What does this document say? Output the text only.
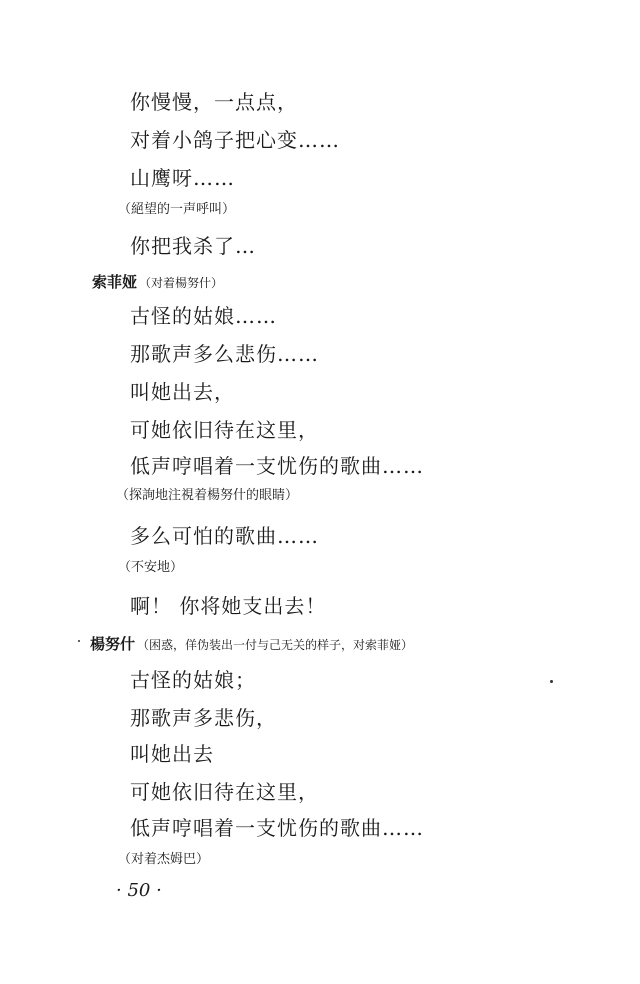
你慢慢，一点点，
对着小鸽子把心变……
山鹰呀……
（絕望的一声呼叫）
你把我杀了…
索菲娅 （对着楊努什）
古怪的姑娘……
那歌声多么悲伤……
叫她出去，
可她依旧待在这里，
低声哼唱着一支忧伤的歌曲……
（探詢地注視着楊努什的眼睛）
多么可怕的歌曲……
（不安地）
啊！ 你将她支出去！
楊努什 （困惑，佯伪装出一付与己无关的样子，对索菲娅）
古怪的姑娘；
那歌声多悲伤，
叫她出去
可她依旧待在这里，
低声哼唱着一支忧伤的歌曲……
（对着杰姆巴）
· 50 ·
